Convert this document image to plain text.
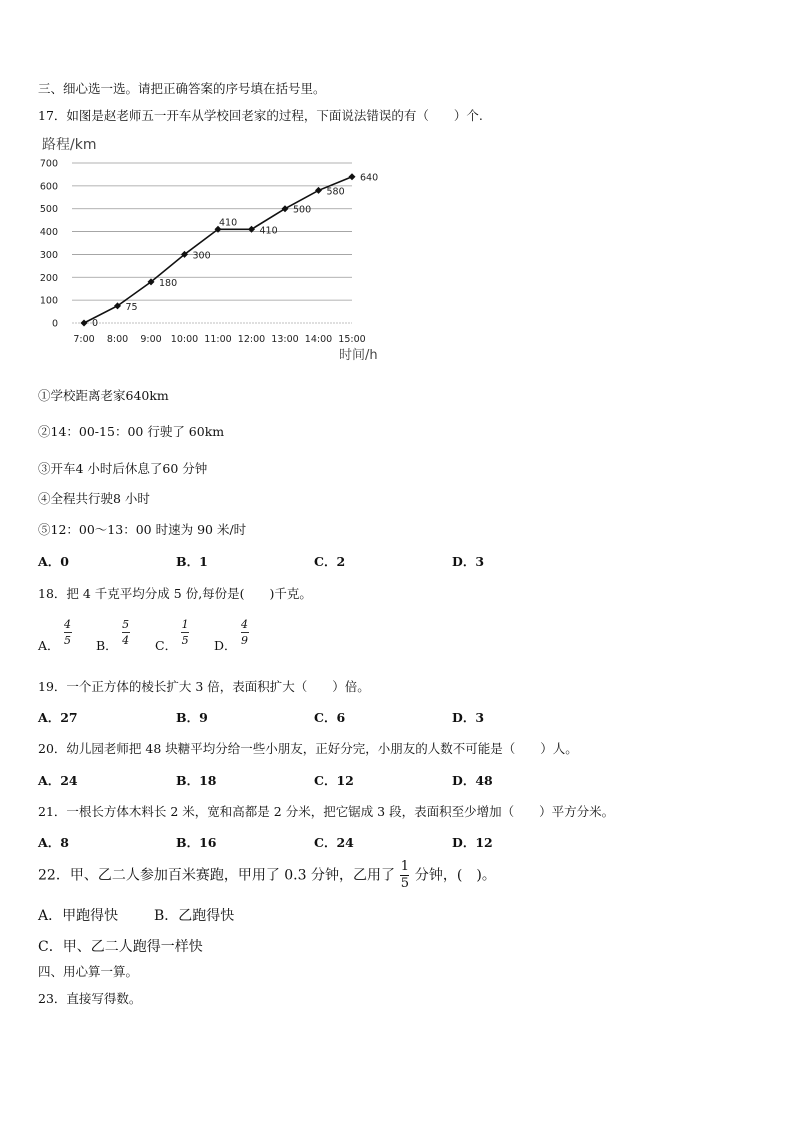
三、细心选一选。请把正确答案的序号填在括号里。
17．如图是赵老师五一开车从学校回老家的过程，下面说法错误的有（　　）个.
路程/km
0
100
200
300
400
500
600
700
7:00 8:00 9:00 10:00 11:00 12:00 13:00 14:00 15:00
0
75
180
300
410
410
500
580
640
时间/h
①学校距离老家640km
②14：00-15：00 行驶了 60km
③开车4 小时后休息了60 分钟
④全程共行驶8 小时
⑤12：00～13：00 时速为 90 米/时
A．0	B．1	C．2	D．3
18．把 4 千克平均分成 5 份,每份是(　　)千克。
A． $\frac{4}{5}$ B． $\frac{5}{4}$ C． $\frac{1}{5}$ D． $\frac{4}{9}$
19．一个正方体的棱长扩大 3 倍，表面积扩大（　　）倍。
A．27	B．9	C．6	D．3
20．幼儿园老师把 48 块糖平均分给一些小朋友，正好分完，小朋友的人数不可能是（　　）人。
A．24	B．18	C．12	D．48
21．一根长方体木料长 2 米，宽和高都是 2 分米，把它锯成 3 段，表面积至少增加（　　）平方分米。
A．8	B．16	C．24	D．12
22．甲、乙二人参加百米赛跑，甲用了 0.3 分钟，乙用了 $\frac{1}{5}$ 分钟，(　)。
A．甲跑得快	B．乙跑得快
C．甲、乙二人跑得一样快
四、用心算一算。
23．直接写得数。
